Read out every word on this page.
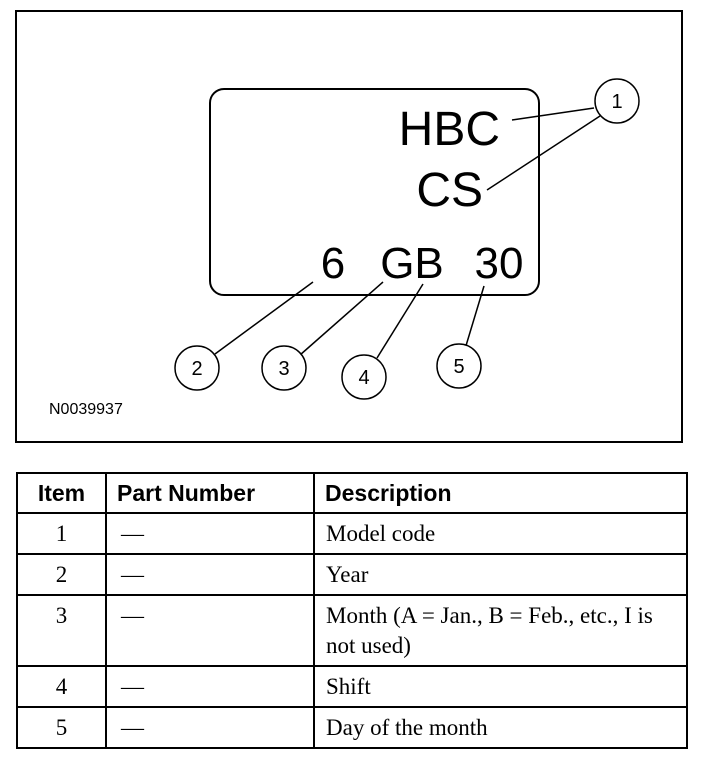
HBC
CS
6 GB 30
1
2	3	4	5
N0039937
Item	Part Number	Description
1	—	Model code
2	—	Year
3	—	Month (A = Jan., B = Feb., etc., I is not used)
4	—	Shift
5	—	Day of the month
